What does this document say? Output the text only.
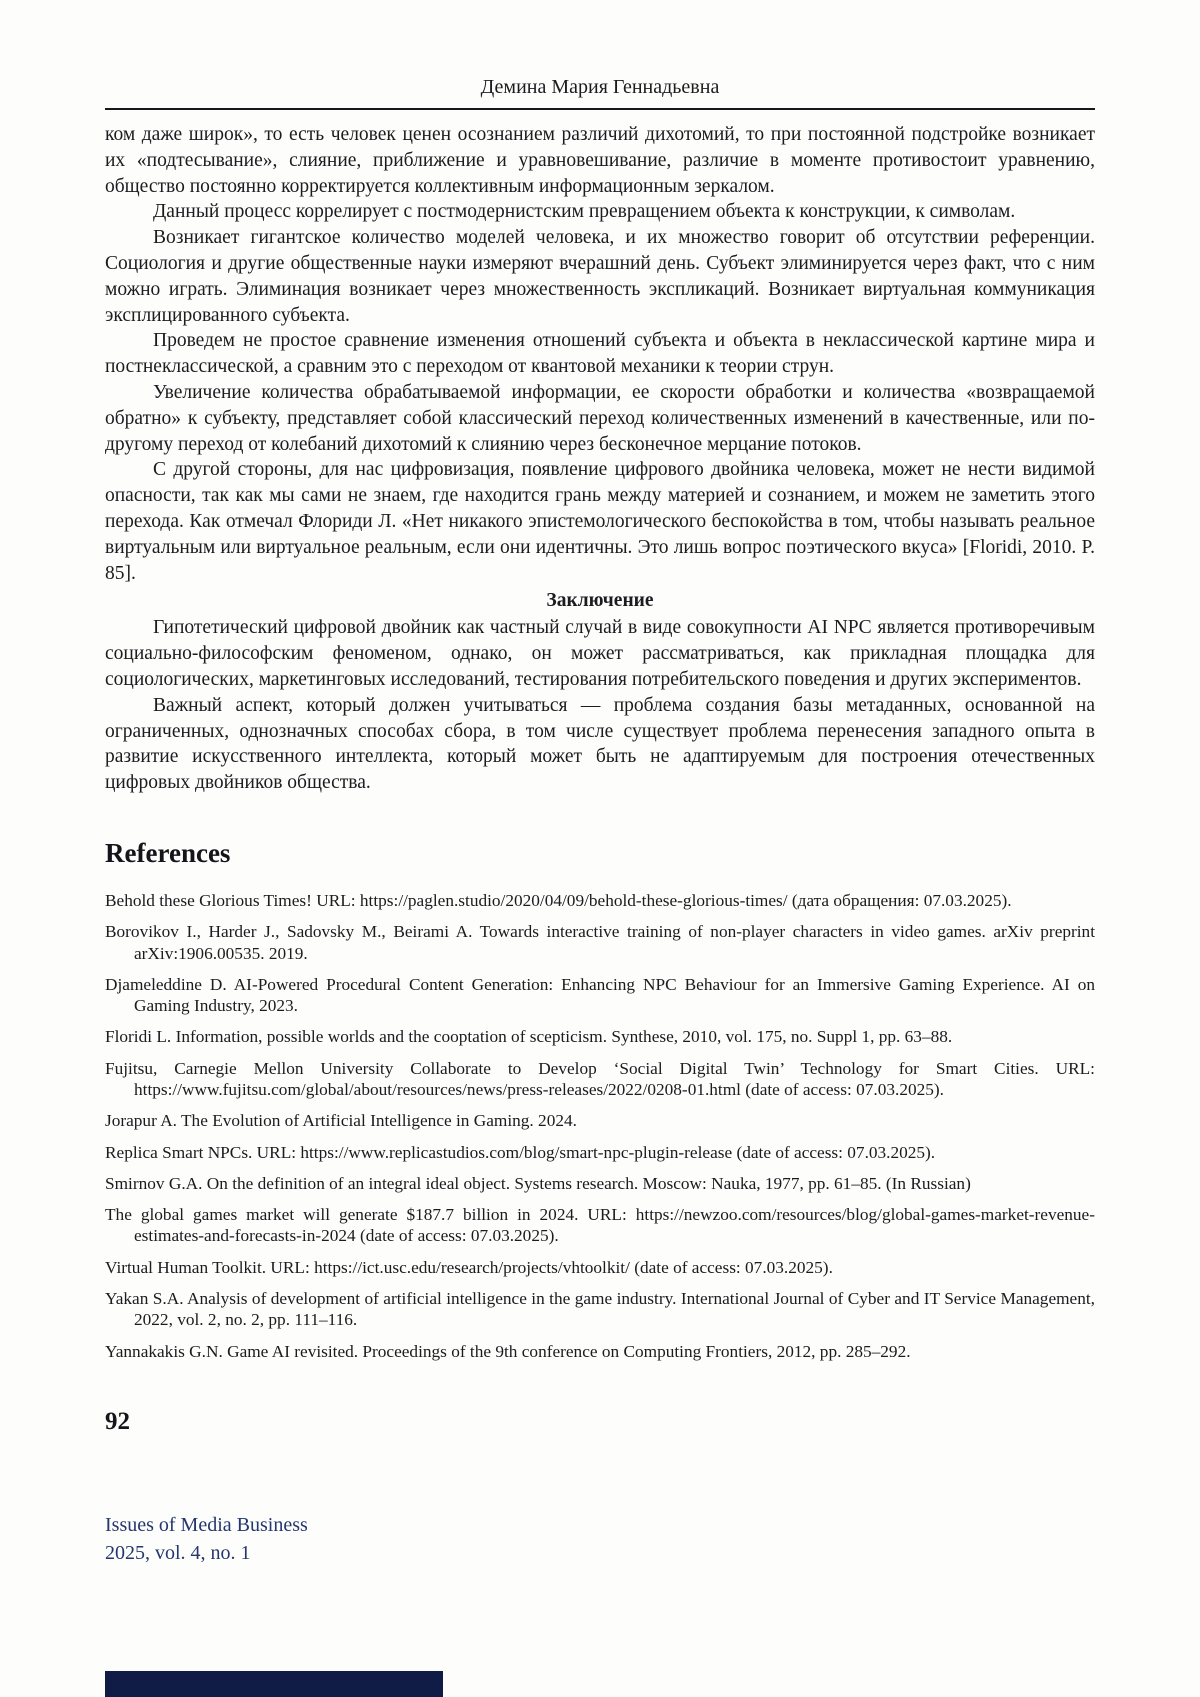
Демина Мария Геннадьевна

ком даже широк», то есть человек ценен осознанием различий дихотомий, то при постоянной подстройке возникает их «подтесывание», слияние, приближение и уравновешивание, различие в моменте противостоит уравнению, общество постоянно корректируется коллективным информационным зеркалом.

Данный процесс коррелирует с постмодернистским превращением объекта к конструкции, к символам.

Возникает гигантское количество моделей человека, и их множество говорит об отсутствии референции. Социология и другие общественные науки измеряют вчерашний день. Субъект элиминируется через факт, что с ним можно играть. Элиминация возникает через множественность экспликаций. Возникает виртуальная коммуникация эксплицированного субъекта.

Проведем не простое сравнение изменения отношений субъекта и объекта в неклассической картине мира и постнеклассической, а сравним это с переходом от квантовой механики к теории струн.

Увеличение количества обрабатываемой информации, ее скорости обработки и количества «возвращаемой обратно» к субъекту, представляет собой классический переход количественных изменений в качественные, или по-другому переход от колебаний дихотомий к слиянию через бесконечное мерцание потоков.

С другой стороны, для нас цифровизация, появление цифрового двойника человека, может не нести видимой опасности, так как мы сами не знаем, где находится грань между материей и сознанием, и можем не заметить этого перехода. Как отмечал Флориди Л. «Нет никакого эпистемологического беспокойства в том, чтобы называть реальное виртуальным или виртуальное реальным, если они идентичны. Это лишь вопрос поэтического вкуса» [Floridi, 2010. P. 85].

Заключение

Гипотетический цифровой двойник как частный случай в виде совокупности AI NPC является противоречивым социально-философским феноменом, однако, он может рассматриваться, как прикладная площадка для социологических, маркетинговых исследований, тестирования потребительского поведения и других экспериментов.

Важный аспект, который должен учитываться — проблема создания базы метаданных, основанной на ограниченных, однозначных способах сбора, в том числе существует проблема перенесения западного опыта в развитие искусственного интеллекта, который может быть не адаптируемым для построения отечественных цифровых двойников общества.

References

Behold these Glorious Times! URL: https://paglen.studio/2020/04/09/behold-these-glorious-times/ (дата обращения: 07.03.2025).

Borovikov I., Harder J., Sadovsky M., Beirami A. Towards interactive training of non-player characters in video games. arXiv preprint arXiv:1906.00535. 2019.

Djameleddine D. AI-Powered Procedural Content Generation: Enhancing NPC Behaviour for an Immersive Gaming Experience. AI on Gaming Industry, 2023.

Floridi L. Information, possible worlds and the cooptation of scepticism. Synthese, 2010, vol. 175, no. Suppl 1, pp. 63–88.

Fujitsu, Carnegie Mellon University Collaborate to Develop ‘Social Digital Twin’ Technology for Smart Cities. URL: https://www.fujitsu.com/global/about/resources/news/press-releases/2022/0208-01.html (date of access: 07.03.2025).

Jorapur A. The Evolution of Artificial Intelligence in Gaming. 2024.

Replica Smart NPCs. URL: https://www.replicastudios.com/blog/smart-npc-plugin-release (date of access: 07.03.2025).

Smirnov G.A. On the definition of an integral ideal object. Systems research. Moscow: Nauka, 1977, pp. 61–85. (In Russian)

The global games market will generate $187.7 billion in 2024. URL: https://newzoo.com/resources/blog/global-games-market-revenue-estimates-and-forecasts-in-2024 (date of access: 07.03.2025).

Virtual Human Toolkit. URL: https://ict.usc.edu/research/projects/vhtoolkit/ (date of access: 07.03.2025).

Yakan S.A. Analysis of development of artificial intelligence in the game industry. International Journal of Cyber and IT Service Management, 2022, vol. 2, no. 2, pp. 111–116.

Yannakakis G.N. Game AI revisited. Proceedings of the 9th conference on Computing Frontiers, 2012, pp. 285–292.

92
Issues of Media Business
2025, vol. 4, no. 1
